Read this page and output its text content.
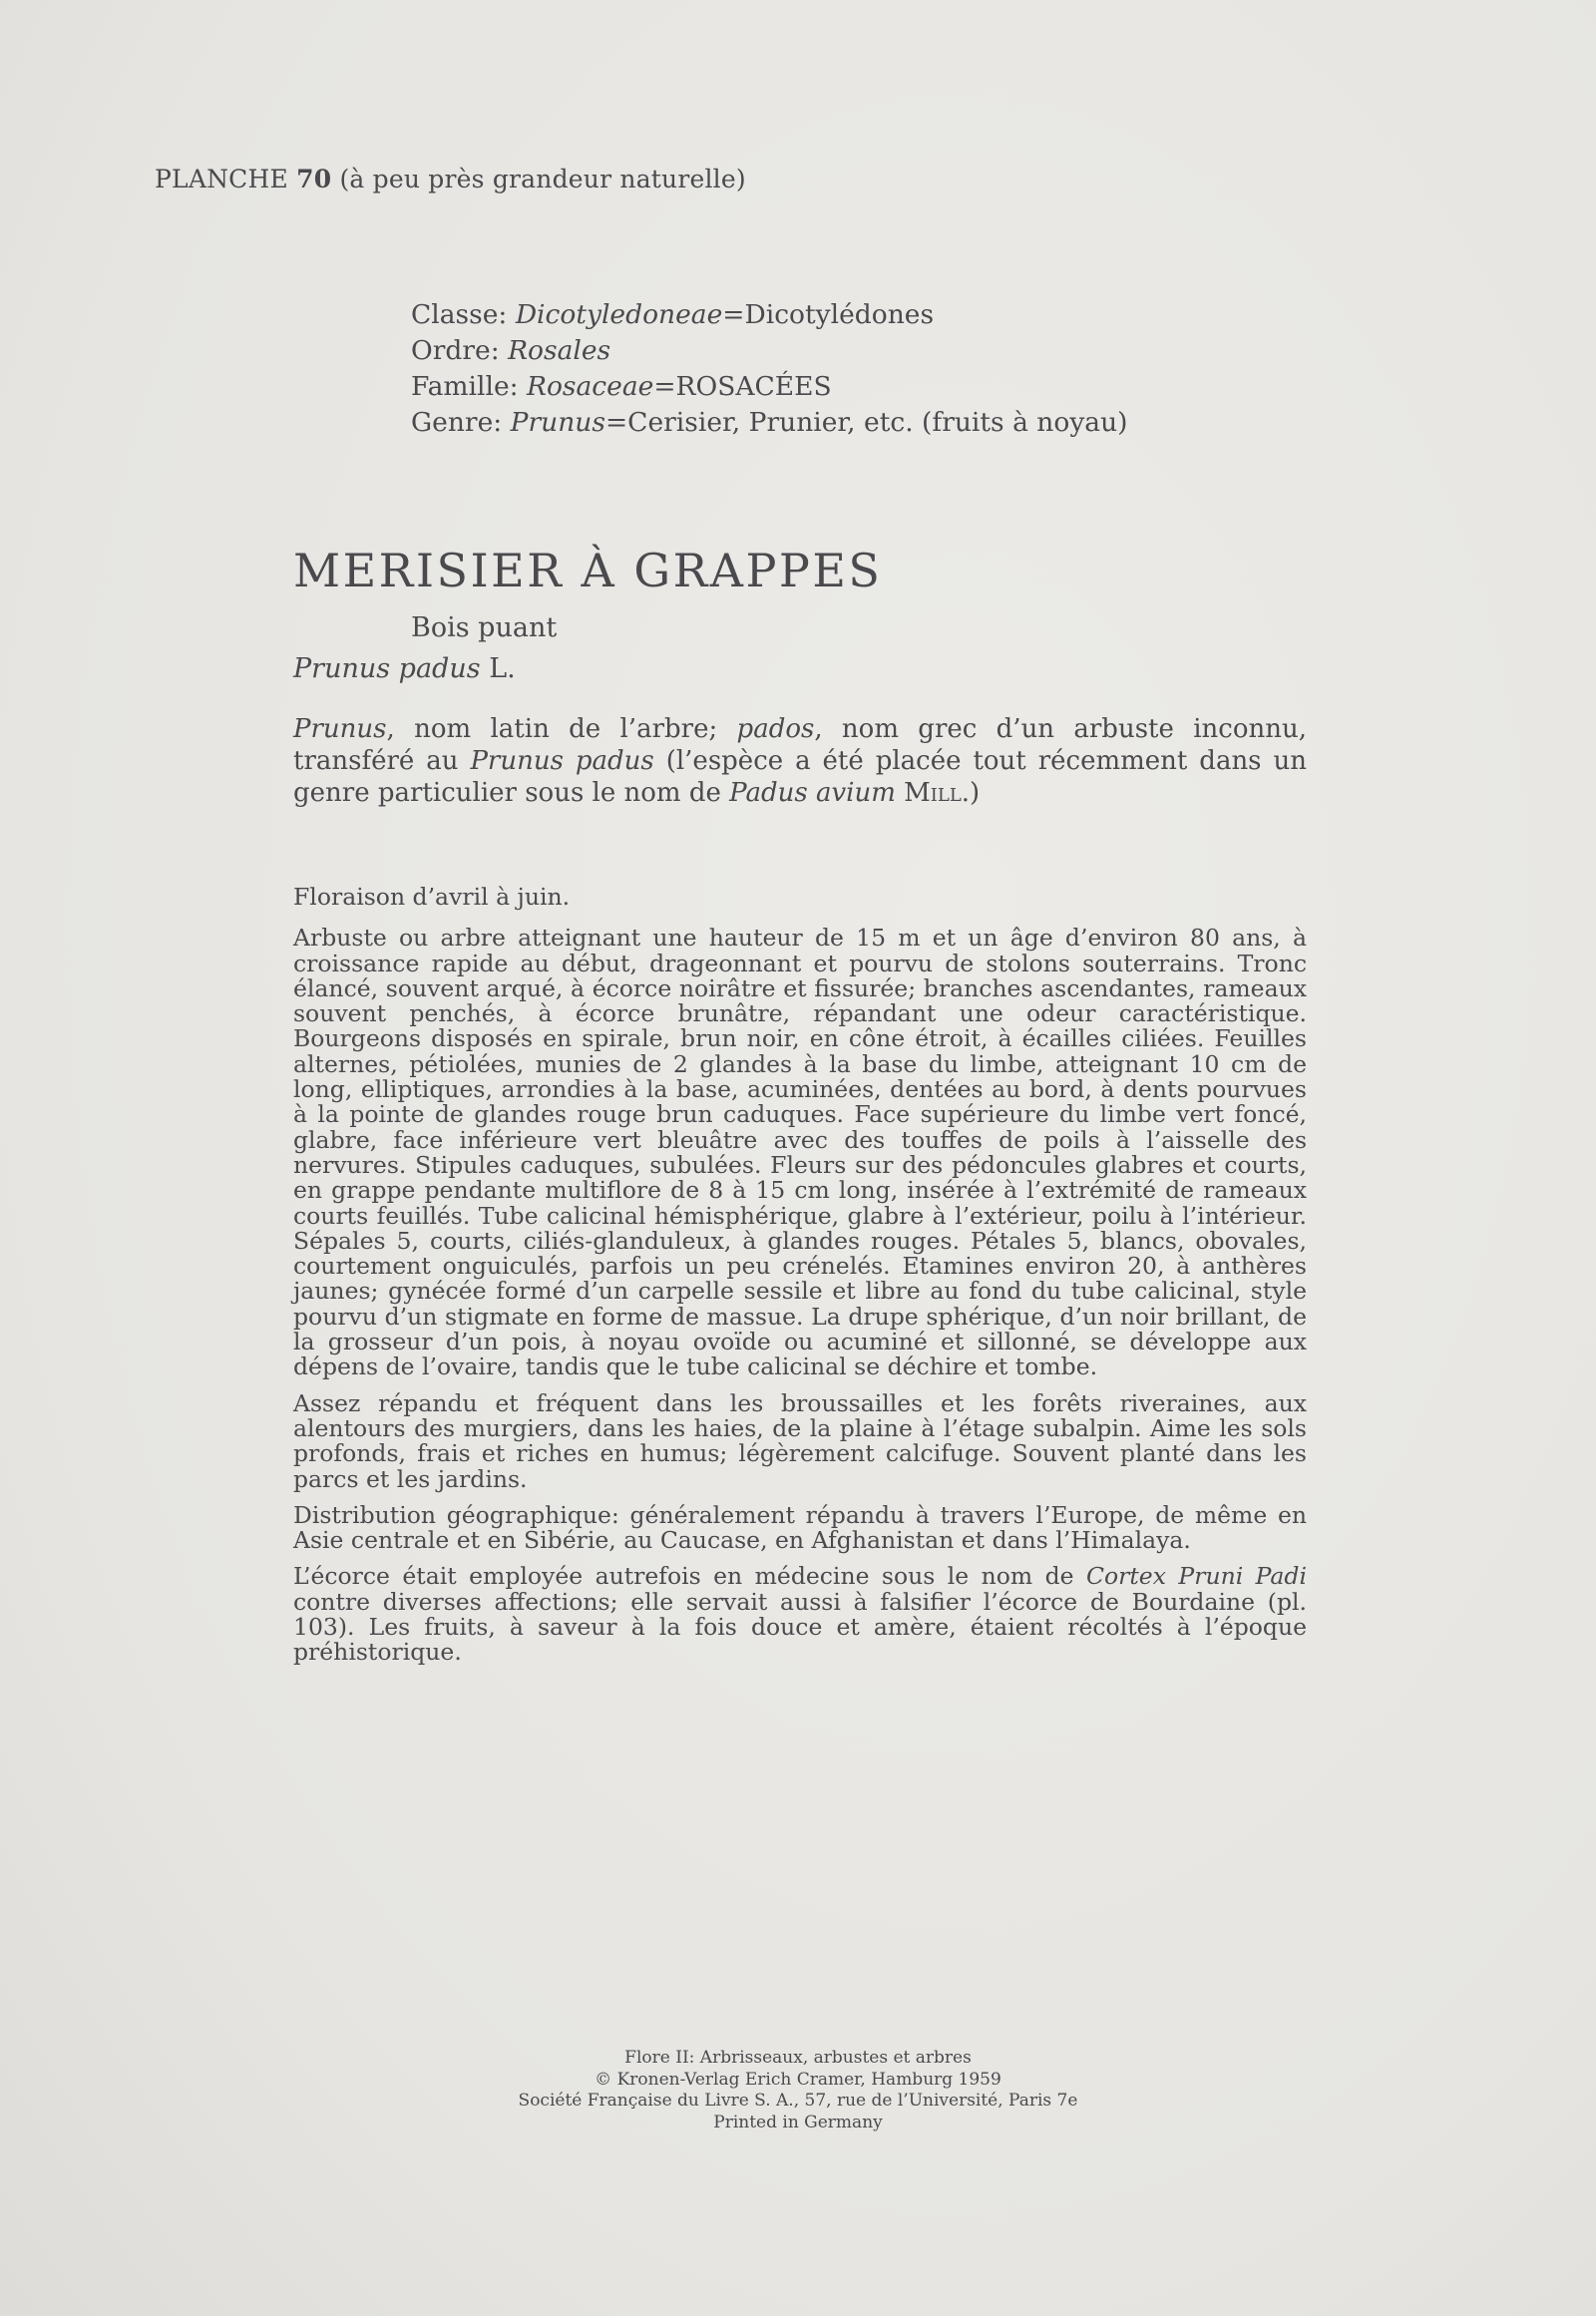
PLANCHE 70 (à peu près grandeur naturelle)
Classe: Dicotyledoneae=Dicotylédones
Ordre: Rosales
Famille: Rosaceae=ROSACÉES
Genre: Prunus=Cerisier, Prunier, etc. (fruits à noyau)
MERISIER À GRAPPES
Bois puant
Prunus padus L.
Prunus, nom latin de l’arbre; pados, nom grec d’un arbuste inconnu, transféré au Prunus padus (l’espèce a été placée tout récemment dans un genre particulier sous le nom de Padus avium Mill.)

Floraison d’avril à juin.

Arbuste ou arbre atteignant une hauteur de 15 m et un âge d’environ 80 ans, à croissance rapide au début, drageonnant et pourvu de stolons souterrains. Tronc élancé, souvent arqué, à écorce noirâtre et fissurée; branches ascendantes, rameaux souvent penchés, à écorce brunâtre, répandant une odeur caractéristique. Bourgeons disposés en spirale, brun noir, en cône étroit, à écailles ciliées. Feuilles alternes, pétiolées, munies de 2 glandes à la base du limbe, atteignant 10 cm de long, elliptiques, arrondies à la base, acuminées, dentées au bord, à dents pourvues à la pointe de glandes rouge brun caduques. Face supérieure du limbe vert foncé, glabre, face inférieure vert bleuâtre avec des touffes de poils à l’aisselle des nervures. Stipules caduques, subulées. Fleurs sur des pédoncules glabres et courts, en grappe pendante multiflore de 8 à 15 cm long, insérée à l’extrémité de rameaux courts feuillés. Tube calicinal hémisphérique, glabre à l’extérieur, poilu à l’intérieur. Sépales 5, courts, ciliés-glanduleux, à glandes rouges. Pétales 5, blancs, obovales, courtement onguiculés, parfois un peu crénelés. Etamines environ 20, à anthères jaunes; gynécée formé d’un carpelle sessile et libre au fond du tube calicinal, style pourvu d’un stigmate en forme de massue. La drupe sphérique, d’un noir brillant, de la grosseur d’un pois, à noyau ovoïde ou acuminé et sillonné, se développe aux dépens de l’ovaire, tandis que le tube calicinal se déchire et tombe.

Assez répandu et fréquent dans les broussailles et les forêts riveraines, aux alentours des murgiers, dans les haies, de la plaine à l’étage subalpin. Aime les sols profonds, frais et riches en humus; légèrement calcifuge. Souvent planté dans les parcs et les jardins.

Distribution géographique: généralement répandu à travers l’Europe, de même en Asie centrale et en Sibérie, au Caucase, en Afghanistan et dans l’Himalaya.

L’écorce était employée autrefois en médecine sous le nom de Cortex Pruni Padi contre diverses affections; elle servait aussi à falsifier l’écorce de Bourdaine (pl. 103). Les fruits, à saveur à la fois douce et amère, étaient récoltés à l’époque préhistorique.

Flore II: Arbrisseaux, arbustes et arbres
© Kronen-Verlag Erich Cramer, Hamburg 1959
Société Française du Livre S. A., 57, rue de l’Université, Paris 7e
Printed in Germany
